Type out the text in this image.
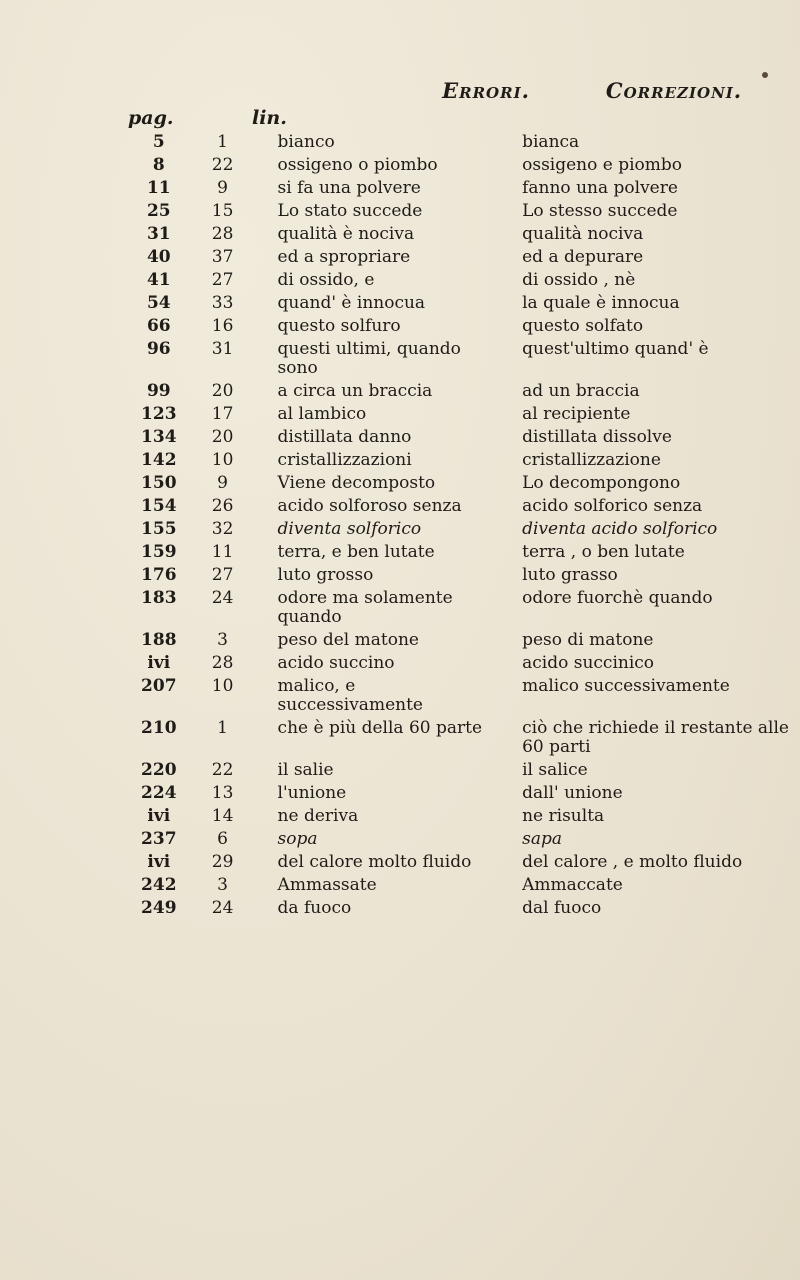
Errori.	Correzioni.
pag.	lin.
5	1	bianco	bianca
8	22	ossigeno o piombo	ossigeno e piombo
11	9	si fa una polvere	fanno una polvere
25	15	Lo stato succede	Lo stesso succede
31	28	qualità è nociva	qualità nociva
40	37	ed a spropriare	ed a depurare
41	27	di ossido, e	di ossido , nè
54	33	quand' è innocua	la quale è innocua
66	16	questo solfuro	questo solfato
96	31	questi ultimi, quando sono	quest'ultimo quand' è
99	20	a circa un braccia	ad un braccia
123	17	al lambico	al recipiente
134	20	distillata danno	distillata dissolve
142	10	cristallizzazioni	cristallizzazione
150	9	Viene decomposto	Lo decompongono
154	26	acido solforoso senza	acido solforico senza
155	32	diventa solforico	diventa acido solforico
159	11	terra, e ben lutate	terra , o ben lutate
176	27	luto grosso	luto grasso
183	24	odore ma solamente quando	odore fuorchè quando
188	3	peso del matone	peso di matone
ivi	28	acido succino	acido succinico
207	10	malico, e successivamente	malico successivamente
210	1	che è più della 60 parte	ciò che richiede il restante alle 60 parti
220	22	il salie	il salice
224	13	l'unione	dall' unione
ivi	14	ne deriva	ne risulta
237	6	sopa	sapa
ivi	29	del calore molto fluido	del calore , e molto fluido
242	3	Ammassate	Ammaccate
249	24	da fuoco	dal fuoco
